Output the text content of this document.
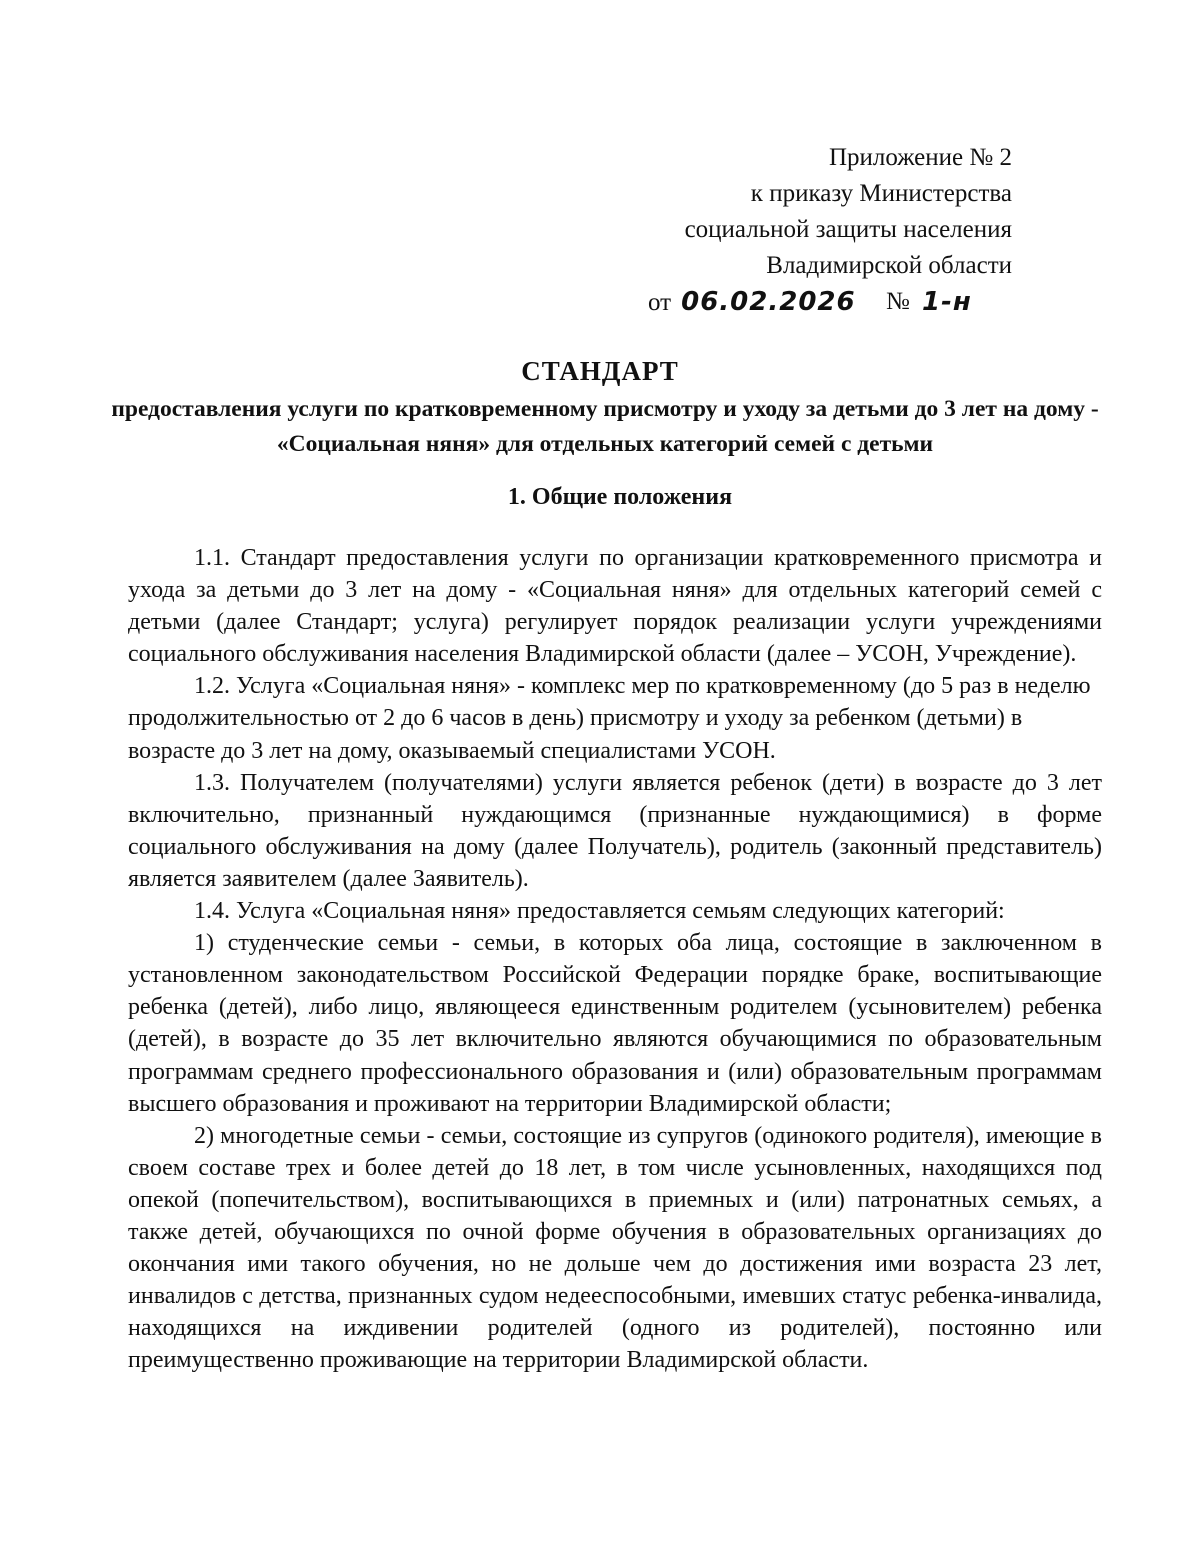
Приложение № 2
к приказу Министерства
социальной защиты населения
Владимирской области
от 06.02.2026 № 1-н
СТАНДАРТ
предоставления услуги по кратковременному присмотру и уходу за детьми до 3 лет на дому - «Социальная няня» для отдельных категорий семей с детьми
1. Общие положения

1.1. Стандарт предоставления услуги по организации кратковременного присмотра и ухода за детьми до 3 лет на дому - «Социальная няня» для отдельных категорий семей с детьми (далее Стандарт; услуга) регулирует порядок реализации услуги учреждениями социального обслуживания населения Владимирской области (далее – УСОН, Учреждение).

1.2. Услуга «Социальная няня» - комплекс мер по кратковременному (до 5 раз в неделю продолжительностью от 2 до 6 часов в день) присмотру и уходу за ребенком (детьми) в возрасте до 3 лет на дому, оказываемый специалистами УСОН.

1.3. Получателем (получателями) услуги является ребенок (дети) в возрасте до 3 лет включительно, признанный нуждающимся (признанные нуждающимися) в форме социального обслуживания на дому (далее Получатель), родитель (законный представитель) является заявителем (далее Заявитель).

1.4. Услуга «Социальная няня» предоставляется семьям следующих категорий:

1) студенческие семьи - семьи, в которых оба лица, состоящие в заключенном в установленном законодательством Российской Федерации порядке браке, воспитывающие ребенка (детей), либо лицо, являющееся единственным родителем (усыновителем) ребенка (детей), в возрасте до 35 лет включительно являются обучающимися по образовательным программам среднего профессионального образования и (или) образовательным программам высшего образования и проживают на территории Владимирской области;

2) многодетные семьи - семьи, состоящие из супругов (одинокого родителя), имеющие в своем составе трех и более детей до 18 лет, в том числе усыновленных, находящихся под опекой (попечительством), воспитывающихся в приемных и (или) патронатных семьях, а также детей, обучающихся по очной форме обучения в образовательных организациях до окончания ими такого обучения, но не дольше чем до достижения ими возраста 23 лет, инвалидов с детства, признанных судом недееспособными, имевших статус ребенка-инвалида, находящихся на иждивении родителей (одного из родителей), постоянно или преимущественно проживающие на территории Владимирской области.
